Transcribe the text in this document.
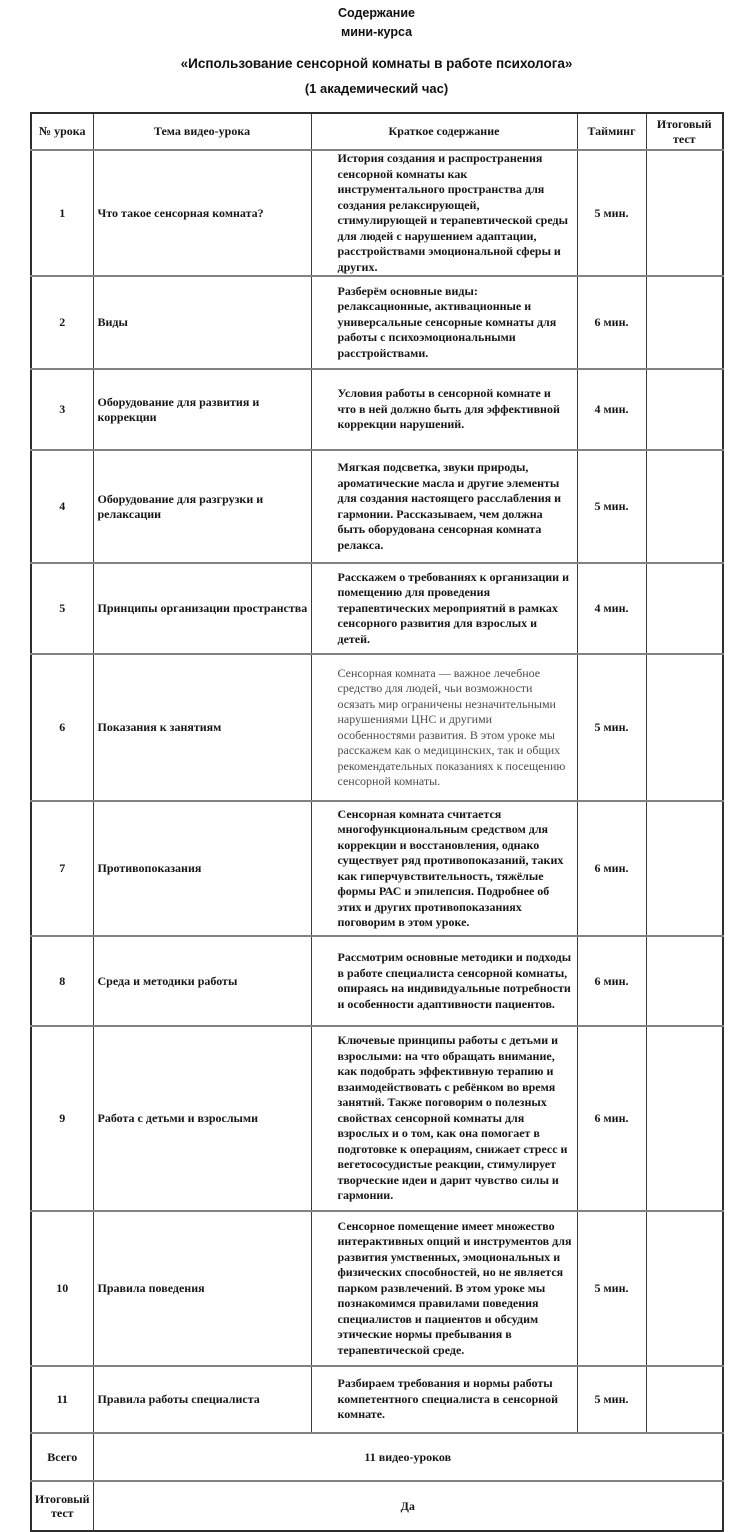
Содержание

мини-курса

«Использование сенсорной комнаты в работе психолога»

(1 академический час)

№ урока	Тема видео-урока	Краткое содержание	Тайминг	Итоговый тест
1	Что такое сенсорная комната?	История создания и распространения сенсорной комнаты как инструментального пространства для создания релаксирующей, стимулирующей и терапевтической среды для людей с нарушением адаптации, расстройствами эмоциональной сферы и других.	5 мин.	
2	Виды	Разберём основные виды: релаксационные, активационные и универсальные сенсорные комнаты для работы с психоэмоциональными расстройствами.	6 мин.	
3	Оборудование для развития и коррекции	Условия работы в сенсорной комнате и что в ней должно быть для эффективной коррекции нарушений.	4 мин.	
4	Оборудование для разгрузки и релаксации	Мягкая подсветка, звуки природы, ароматические масла и другие элементы для создания настоящего расслабления и гармонии. Рассказываем, чем должна быть оборудована сенсорная комната релакса.	5 мин.	
5	Принципы организации пространства	Расскажем о требованиях к организации и помещению для проведения терапевтических мероприятий в рамках сенсорного развития для взрослых и детей.	4 мин.	
6	Показания к занятиям	Сенсорная комната — важное лечебное средство для людей, чьи возможности осязать мир ограничены незначительными нарушениями ЦНС и другими особенностями развития. В этом уроке мы расскажем как о медицинских, так и общих рекомендательных показаниях к посещению сенсорной комнаты.	5 мин.	
7	Противопоказания	Сенсорная комната считается многофункциональным средством для коррекции и восстановления, однако существует ряд противопоказаний, таких как гиперчувствительность, тяжёлые формы РАС и эпилепсия. Подробнее об этих и других противопоказаниях поговорим в этом уроке.	6 мин.	
8	Среда и методики работы	Рассмотрим основные методики и подходы в работе специалиста сенсорной комнаты, опираясь на индивидуальные потребности и особенности адаптивности пациентов.	6 мин.	
9	Работа с детьми и взрослыми	Ключевые принципы работы с детьми и взрослыми: на что обращать внимание, как подобрать эффективную терапию и взаимодействовать с ребёнком во время занятий. Также поговорим о полезных свойствах сенсорной комнаты для взрослых и о том, как она помогает в подготовке к операциям, снижает стресс и вегетососудистые реакции, стимулирует творческие идеи и дарит чувство силы и гармонии.	6 мин.	
10	Правила поведения	Сенсорное помещение имеет множество интерактивных опций и инструментов для развития умственных, эмоциональных и физических способностей, но не является парком развлечений. В этом уроке мы познакомимся правилами поведения специалистов и пациентов и обсудим этические нормы пребывания в терапевтической среде.	5 мин.	
11	Правила работы специалиста	Разбираем требования и нормы работы компетентного специалиста в сенсорной комнате.	5 мин.	
Всего	11 видео-уроков			
Итоговый тест	Да			
